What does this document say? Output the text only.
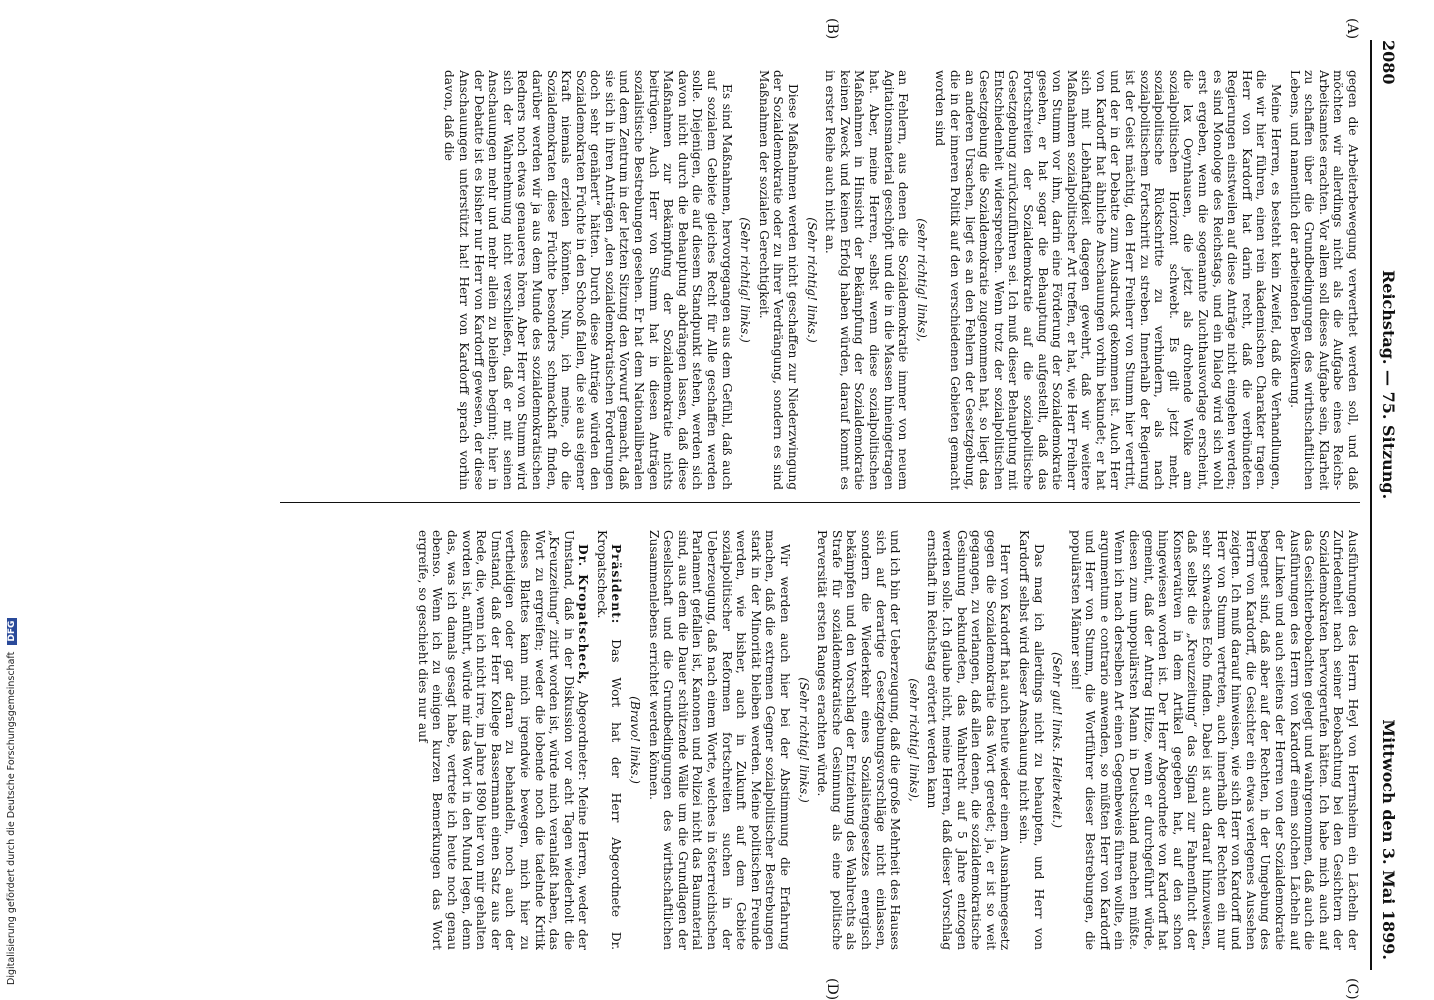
2080
Reichstag. — 75. Sitzung.
Mittwoch den 3. Mai 1899.
(A)
(B)
(C)
(D)

gegen die Arbeiterbewegung verwerthet werden soll, und daß möchten wir allerdings nicht als die Aufgabe eines Reichs-Arbeitsamtes erachten. Vor allem soll dieses Aufgabe sein, Klarheit zu schaffen über die Grundbedingungen des wirthschaftlichen Lebens, und namentlich der arbeitenden Bevölkerung.

Meine Herren, es besteht kein Zweifel, daß die Verhandlungen, die wir hier führen, einen rein akademischen Charakter tragen. Herr von Kardorff hat darin recht, daß die verbündeten Regierungen einstweilen auf diese Anträge nicht eingehen werden; es sind Monologe des Reichstags, und ein Dialog wird sich wohl erst ergeben, wenn die sogenannte Zuchthausvorlage erscheint, die lex Oeynhausen, die jetzt als drohende Wolke am sozialpolitischen Horizont schwebt. Es gilt jetzt mehr, sozialpolitische Rückschritte zu verhindern, als nach sozialpolitischem Fortschritt zu streben. Innerhalb der Regierung ist der Geist mächtig, den Herr Freiherr von Stumm hier vertritt, und der in der Debatte zum Ausdruck gekommen ist. Auch Herr von Kardorff hat ähnliche Anschauungen vorhin bekundet; er hat sich mit Lebhaftigkeit dagegen gewehrt, daß wir weitere Maßnahmen sozialpolitischer Art treffen, er hat, wie Herr Freiherr von Stumm vor ihm, darin eine Förderung der Sozialdemokratie gesehen, er hat sogar die Behauptung aufgestellt, daß das Fortschreiten der Sozialdemokratie auf die sozialpolitische Gesetzgebung zurückzuführen sei. Ich muß dieser Behauptung mit Entschiedenheit widersprechen. Wenn trotz der sozialpolitischen Gesetzgebung die Sozialdemokratie zugenommen hat, so liegt das an anderen Ursachen, liegt es an den Fehlern der Gesetzgebung, die in der inneren Politik auf den verschiedenen Gebieten gemacht worden sind

(sehr richtig! links),

an Fehlern, aus denen die Sozialdemokratie immer von neuem Agitationsmaterial geschöpft und die in die Massen hineingetragen hat. Aber, meine Herren, selbst wenn diese sozialpolitischen Maßnahmen in Hinsicht der Bekämpfung der Sozialdemokratie keinen Zweck und keinen Erfolg haben würden, darauf kommt es in erster Reihe auch nicht an.

(Sehr richtig! links.)

Diese Maßnahmen werden nicht geschaffen zur Niederzwingung der Sozialdemokratie oder zu ihrer Verdrängung, sondern es sind Maßnahmen der sozialen Gerechtigkeit.

(Sehr richtig! links.)

Es sind Maßnahmen, hervorgegangen aus dem Gefühl, daß auch auf sozialem Gebiete gleiches Recht für Alle geschaffen werden solle. Diejenigen, die auf diesem Standpunkt stehen, werden sich davon nicht durch die Behauptung abdrängen lassen, daß diese Maßnahmen zur Bekämpfung der Sozialdemokratie nichts beitrügen. Auch Herr von Stumm hat in diesen Anträgen sozialistische Bestrebungen gesehen. Er hat dem Nationalliberalen und dem Zentrum in der letzten Sitzung den Vorwurf gemacht, daß sie sich in ihren Anträgen „den sozialdemokratischen Forderungen doch sehr genähert“ hätten. Durch diese Anträge würden den Sozialdemokraten Früchte in den Schooß fallen, die sie aus eigener Kraft niemals erzielen könnten. Nun, ich meine, ob die Sozialdemokraten diese Früchte besonders schmackhaft finden, darüber werden wir ja aus dem Munde des sozialdemokratischen Redners noch etwas genaueres hören. Aber Herr von Stumm wird sich der Wahrnehmung nicht verschließen, daß er mit seinen Anschauungen mehr und mehr allein zu bleiben beginnt; hier in der Debatte ist es bisher nur Herr von Kardorff gewesen, der diese Anschauungen unterstützt hat! Herr von Kardorff sprach vorhin davon, daß die

Ausführungen des Herrn Heyl von Herrnsheim ein Lächeln der Zufriedenheit nach seiner Beobachtung bei den Gesichtern der Sozialdemokraten hervorgerufen hätten. Ich habe mich auch auf das Gesichterbeobachten gelegt und wahrgenommen, daß auch die Ausführungen des Herrn von Kardorff einem solchen Lächeln auf der Linken und auch seitens der Herren von der Sozialdemokratie begegnet sind, daß aber auf der Rechten, in der Umgebung des Herrn von Kardorff, die Gesichter ein etwas verlegenes Aussehen zeigten. Ich muß darauf hinweisen, wie sich Herr von Kardorff und Herr von Stumm vertreten, auch innerhalb der Rechten ein nur sehr schwaches Echo finden. Dabei ist auch darauf hinzuweisen, daß selbst die „Kreuzzeitung“ das Signal zur Fahnenflucht der Konservativen in dem Artikel gegeben hat, auf den schon hingewiesen worden ist. Der Herr Abgeordnete von Kardorff hat gemeint, daß der Antrag Hitze, wenn er durchgeführt würde, diesen zum unpopulärsten Mann in Deutschland machen müßte. Wenn ich nach derselben Art einen Gegenbeweis führen wollte, ein argumentum e contrario anwenden, so müßten Herr von Kardorff und Herr von Stumm, die Wortführer dieser Bestrebungen, die populärsten Männer sein!

(Sehr gut! links. Heiterkeit.)

Das mag ich allerdings nicht zu behaupten, und Herr von Kardorff selbst wird dieser Anschauung nicht sein.

Herr von Kardorff hat auch heute wieder einem Ausnahmegesetz gegen die Sozialdemokratie das Wort geredet; ja, er ist so weit gegangen, zu verlangen, daß allen denen, die sozialdemokratische Gesinnung bekundeten, das Wahlrecht auf 5 Jahre entzogen werden solle. Ich glaube nicht, meine Herren, daß dieser Vorschlag ernsthaft im Reichstag erörtert werden kann

(sehr richtig! links),

und ich bin der Ueberzeugung, daß die große Mehrheit des Hauses sich auf derartige Gesetzgebungsvorschläge nicht einlassen, sondern die Wiederkehr eines Sozialistengesetzes energisch bekämpfen und den Vorschlag der Entziehung des Wahlrechts als Strafe für sozialdemokratische Gesinnung als eine politische Perversität ersten Ranges erachten würde.

(Sehr richtig! links.)

Wir werden auch hier bei der Abstimmung die Erfahrung machen, daß die extremen Gegner sozialpolitischer Bestrebungen stark in der Minorität bleiben werden. Meine politischen Freunde werden, wie bisher, auch in Zukunft auf dem Gebiete sozialpolitischer Reformen fortschreiten suchen in der Ueberzeugung, daß nach einem Worte, welches in österreichischen Parlament gefallen ist, Kanonen und Polizei nicht das Baumaterial sind, aus dem die Dauer schützende Wälle um die Grundlagen der Gesellschaft und die Grundbedingungen des wirthschaftlichen Zusammenlebens errichtet werden können.

(Bravo! links.)

Präsident: Das Wort hat der Herr Abgeordnete Dr. Kropatscheck.

Dr. Kropatscheck, Abgeordneter: Meine Herren, weder der Umstand, daß in der Diskussion vor acht Tagen wiederholt die „Kreuzzeitung“ zitirt worden ist, würde mich veranlaßt haben, das Wort zu ergreifen; weder die lobende noch die tadelnde Kritik dieses Blattes kann mich irgendwie bewegen, mich hier zu vertheidigen oder gar daran zu behandeln, noch auch der Umstand, daß der Herr Kollege Bassermann einen Satz aus der Rede, die, wenn ich nicht irre, im Jahre 1890 hier von mir gehalten worden ist, anführt, würde mir das Wort in den Mund legen, denn das, was ich damals gesagt habe, vertrete ich heute noch genau ebenso. Wenn ich zu einigen kurzen Bemerkungen das Wort ergreife, so geschieht dies nur auf

Digitalisierung gefördert durch die Deutsche Forschungsgemeinschaft DFG
